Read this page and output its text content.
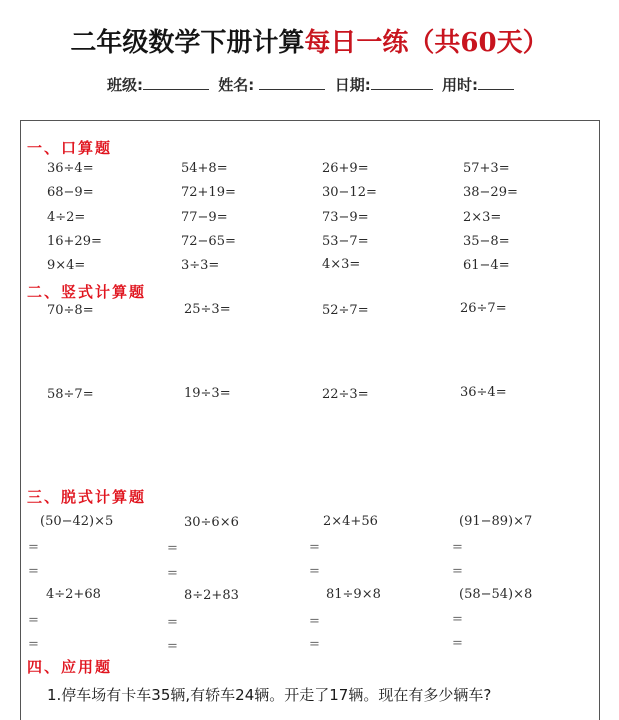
二年级数学下册计算每日一练（共60天）
班级:	姓名:	日期:	用时:
一、口算题
36÷4=	54+8=	26+9=	57+3=
68−9=	72+19=	30−12=	38−29=
4÷2=	77−9=	73−9=	2×3=
16+29=	72−65=	53−7=	35−8=
9×4=	3÷3=	4×3=	61−4=
二、竖式计算题
70÷8=	25÷3=	52÷7=	26÷7=
58÷7=	19÷3=	22÷3=	36÷4=
三、脱式计算题
(50−42)×5	30÷6×6	2×4+56	(91−89)×7
=	=	=	=
=	=	=	=
4÷2+68	8÷2+83	81÷9×8	(58−54)×8
=	=	=	=
=	=	=	=
四、应用题
1.停车场有卡车35辆,有轿车24辆。开走了17辆。现在有多少辆车?
